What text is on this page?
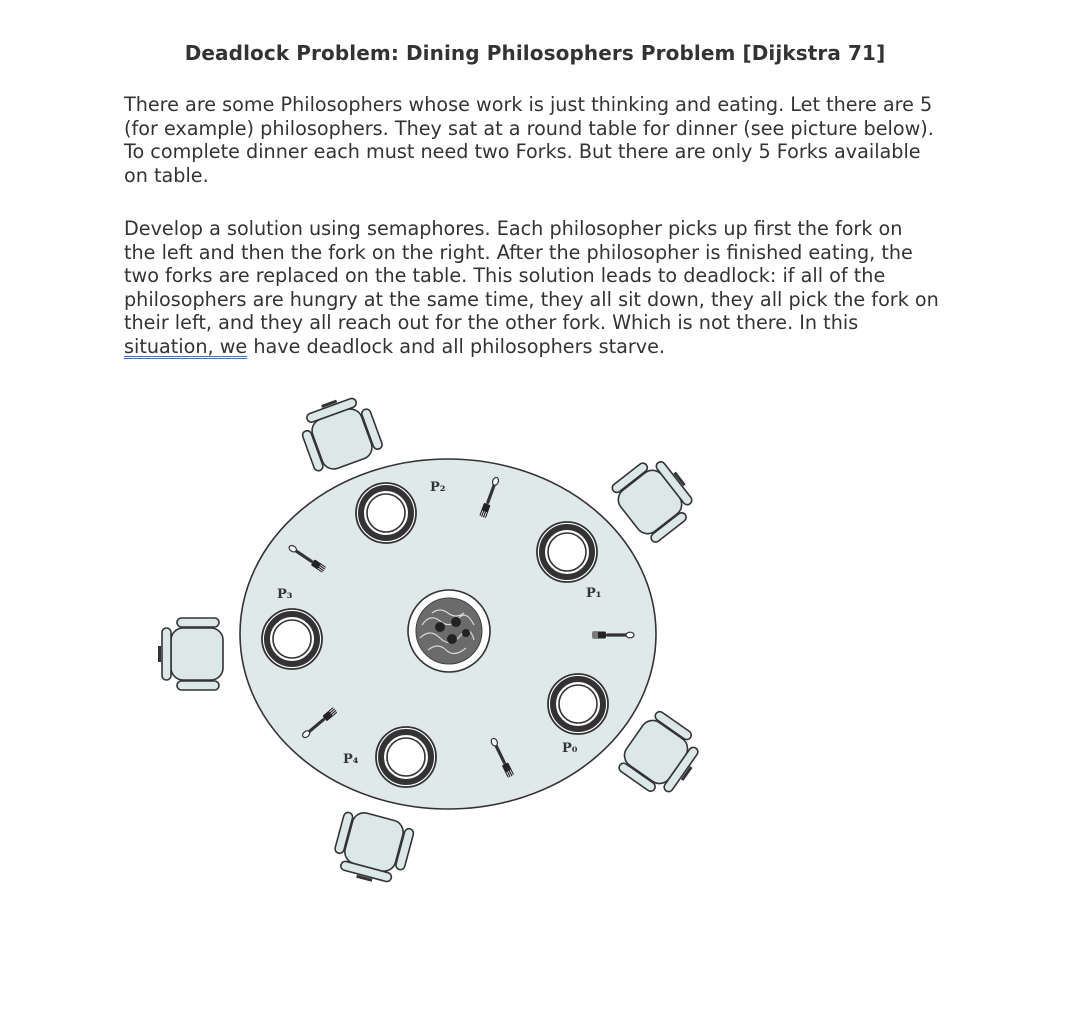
Deadlock Problem: Dining Philosophers Problem [Dijkstra 71]
There are some Philosophers whose work is just thinking and eating. Let there are 5
(for example) philosophers. They sat at a round table for dinner (see picture below).
To complete dinner each must need two Forks. But there are only 5 Forks available
on table.
Develop a solution using semaphores. Each philosopher picks up first the fork on
the left and then the fork on the right. After the philosopher is finished eating, the
two forks are replaced on the table. This solution leads to deadlock: if all of the
philosophers are hungry at the same time, they all sit down, they all pick the fork on
their left, and they all reach out for the other fork. Which is not there. In this
situation, we have deadlock and all philosophers starve.
P₀
P₁
P₂
P₃
P₄
